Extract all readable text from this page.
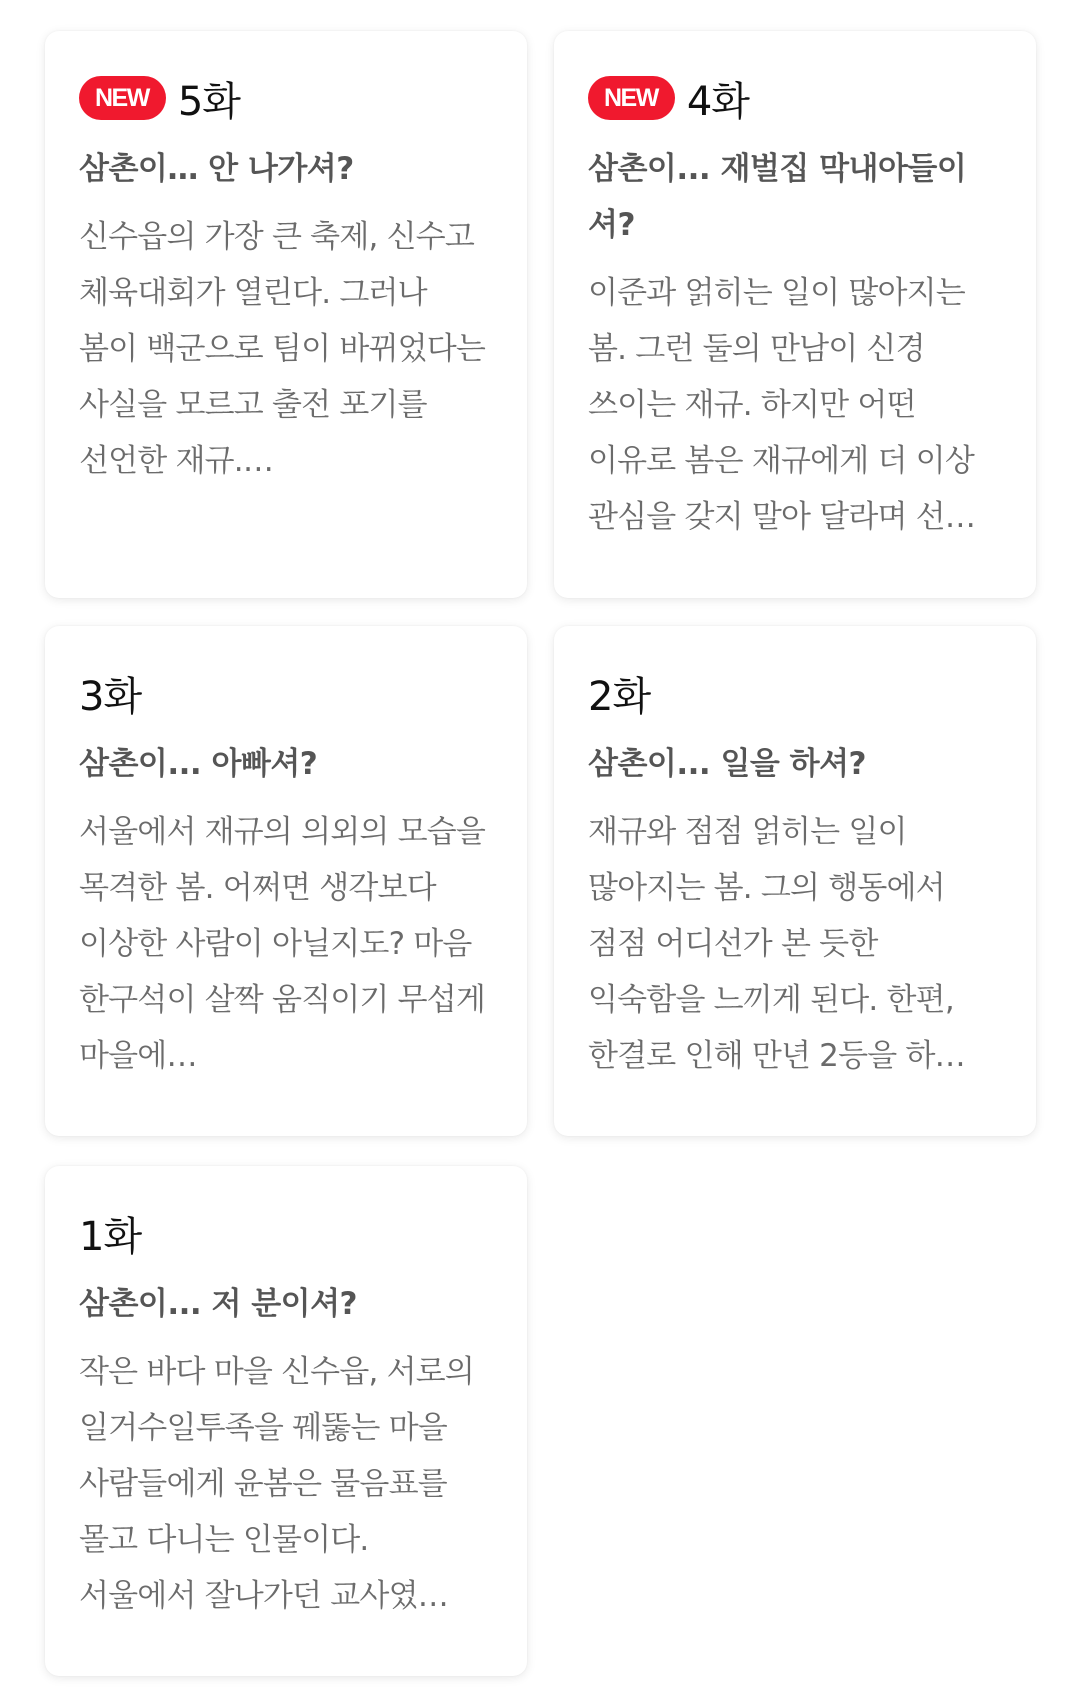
NEW 5화
삼촌이… 안 나가셔?
신수읍의 가장 큰 축제, 신수고 체육대회가 열린다. 그러나 봄이 백군으로 팀이 바뀌었다는 사실을 모르고 출전 포기를 선언한 재규.…
NEW 4화
삼촌이... 재벌집 막내아들이셔?
이준과 얽히는 일이 많아지는 봄. 그런 둘의 만남이 신경 쓰이는 재규. 하지만 어떤 이유로 봄은 재규에게 더 이상 관심을 갖지 말아 달라며 선…
3화
삼촌이... 아빠셔?
서울에서 재규의 의외의 모습을 목격한 봄. 어쩌면 생각보다 이상한 사람이 아닐지도? 마음 한구석이 살짝 움직이기 무섭게 마을에…
2화
삼촌이... 일을 하셔?
재규와 점점 얽히는 일이 많아지는 봄. 그의 행동에서 점점 어디선가 본 듯한 익숙함을 느끼게 된다. 한편, 한결로 인해 만년 2등을 하…
1화
삼촌이... 저 분이셔?
작은 바다 마을 신수읍, 서로의 일거수일투족을 꿰뚫는 마을 사람들에게 윤봄은 물음표를 몰고 다니는 인물이다. 서울에서 잘나가던 교사였…
